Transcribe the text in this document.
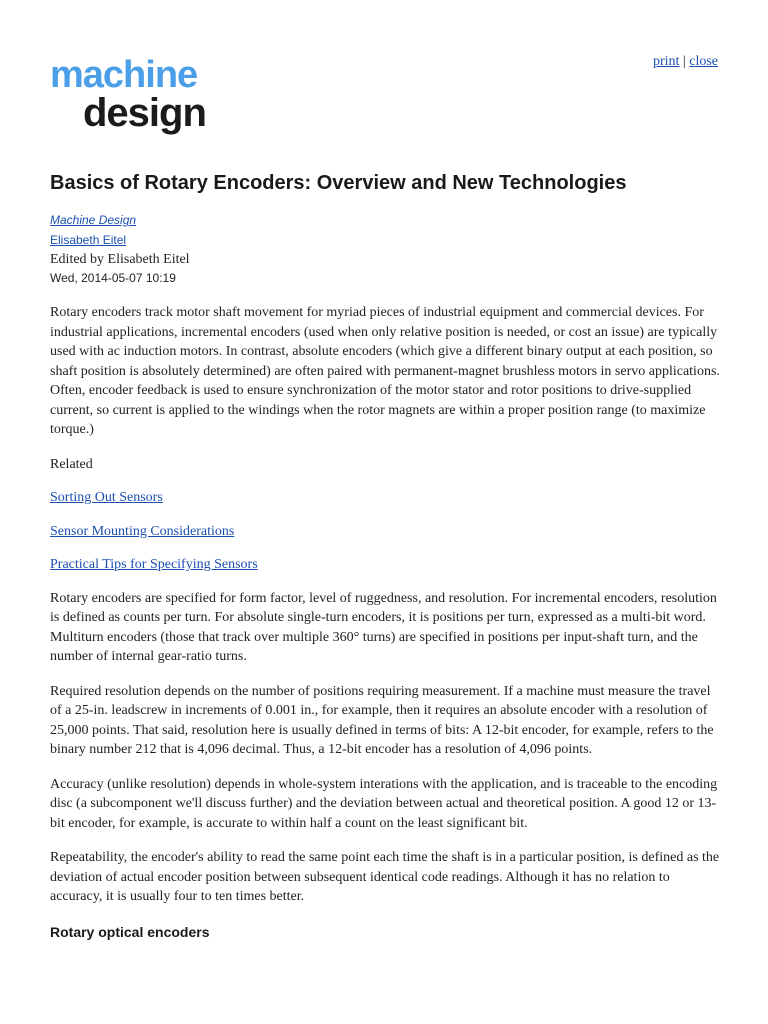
machine
design
print | close
Basics of Rotary Encoders: Overview and New Technologies
Machine Design
Elisabeth Eitel
Edited by Elisabeth Eitel
Wed, 2014-05-07 10:19

Rotary encoders track motor shaft movement for myriad pieces of industrial equipment and commercial devices. For industrial applications, incremental encoders (used when only relative position is needed, or cost an issue) are typically used with ac induction motors. In contrast, absolute encoders (which give a different binary output at each position, so shaft position is absolutely determined) are often paired with permanent-magnet brushless motors in servo applications. Often, encoder feedback is used to ensure synchronization of the motor stator and rotor positions to drive-supplied current, so current is applied to the windings when the rotor magnets are within a proper position range (to maximize torque.)

Related

Sorting Out Sensors

Sensor Mounting Considerations

Practical Tips for Specifying Sensors

Rotary encoders are specified for form factor, level of ruggedness, and resolution. For incremental encoders, resolution is defined as counts per turn. For absolute single-turn encoders, it is positions per turn, expressed as a multi-bit word. Multiturn encoders (those that track over multiple 360° turns) are specified in positions per input-shaft turn, and the number of internal gear-ratio turns.

Required resolution depends on the number of positions requiring measurement. If a machine must measure the travel of a 25-in. leadscrew in increments of 0.001 in., for example, then it requires an absolute encoder with a resolution of 25,000 points. That said, resolution here is usually defined in terms of bits: A 12-bit encoder, for example, refers to the binary number 212 that is 4,096 decimal. Thus, a 12-bit encoder has a resolution of 4,096 points.

Accuracy (unlike resolution) depends in whole-system interations with the application, and is traceable to the encoding disc (a subcomponent we'll discuss further) and the deviation between actual and theoretical position. A good 12 or 13-bit encoder, for example, is accurate to within half a count on the least significant bit.

Repeatability, the encoder's ability to read the same point each time the shaft is in a particular position, is defined as the deviation of actual encoder position between subsequent identical code readings. Although it has no relation to accuracy, it is usually four to ten times better.

Rotary optical encoders
